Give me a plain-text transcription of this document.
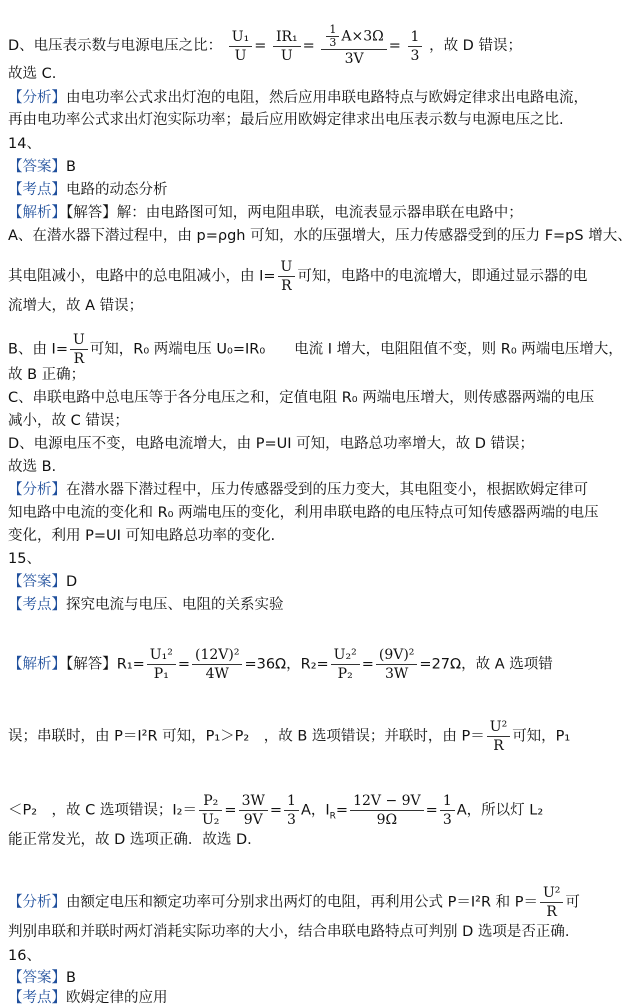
D、电压表示数与电源电压之比： $\frac{\text{U₁}}{U} = \frac{\text{IR₁}}{U} = \frac{\frac{1}{3} A\times 3\Omega}{3V} = \frac{1}{3}$ ，故 D 错误；
故选 C.
【分析】由电功率公式求出灯泡的电阻，然后应用串联电路特点与欧姆定律求出电路电流，
再由电功率公式求出灯泡实际功率；最后应用欧姆定律求出电压表示数与电源电压之比.
14、
【答案】B
【考点】电路的动态分析
【解析】【解答】解：由电路图可知，两电阻串联，电流表显示器串联在电路中；
A、在潜水器下潜过程中，由 p=ρgh 可知，水的压强增大，压力传感器受到的压力 F=pS 增大、
其电阻减小，电路中的总电阻减小，由 $I= \frac{U}{R}$ 可知，电路中的电流增大，即通过显示器的电
流增大，故 A 错误；
B、由 $I= \frac{U}{R}$ 可知，R₀ 两端电压 U₀=IR₀　　电流 I 增大，电阻阻值不变，则 R₀ 两端电压增大，
故 B 正确；
C、串联电路中总电压等于各分电压之和，定值电阻 R₀ 两端电压增大，则传感器两端的电压
减小，故 C 错误；
D、电源电压不变，电路电流增大，由 P=UI 可知，电路总功率增大，故 D 错误；
故选 B.
【分析】在潜水器下潜过程中，压力传感器受到的压力变大，其电阻变小，根据欧姆定律可
知电路中电流的变化和 R₀ 两端电压的变化，利用串联电路的电压特点可知传感器两端的电压
变化，利用 P=UI 可知电路总功率的变化.
15、
【答案】D
【考点】探究电流与电压、电阻的关系实验
【解析】【解答】$R_1= \frac{\text{U₁²}}{\text{P₁}} = \frac{\text{(12V)²}}{4W} =36\Omega$，$R_2= \frac{\text{U₂²}}{\text{P₂}} = \frac{\text{(9V)²}}{3W} =27\Omega$，故 A 选项错
误；串联时，由 P＝I²R 可知，P₁＞P₂　，故 B 选项错误；并联时，由 $P= \frac{\text{U²}}{R}$ 可知，P₁
＜P₂　，故 C 选项错误；$I_2= \frac{\text{P₂}}{\text{U₂}} = \frac{3W}{9V} = \frac{1}{3}$ A，$I_R= \frac{12V - 9V}{9\Omega} = \frac{1}{3}$ A，所以灯 L₂
能正常发光，故 D 选项正确．故选 D.
【分析】由额定电压和额定功率可分别求出两灯的电阻，再利用公式 P＝I²R 和 $P= \frac{\text{U²}}{R}$ 可
判别串联和并联时两灯消耗实际功率的大小，结合串联电路特点可判别 D 选项是否正确.
16、
【答案】B
【考点】欧姆定律的应用
